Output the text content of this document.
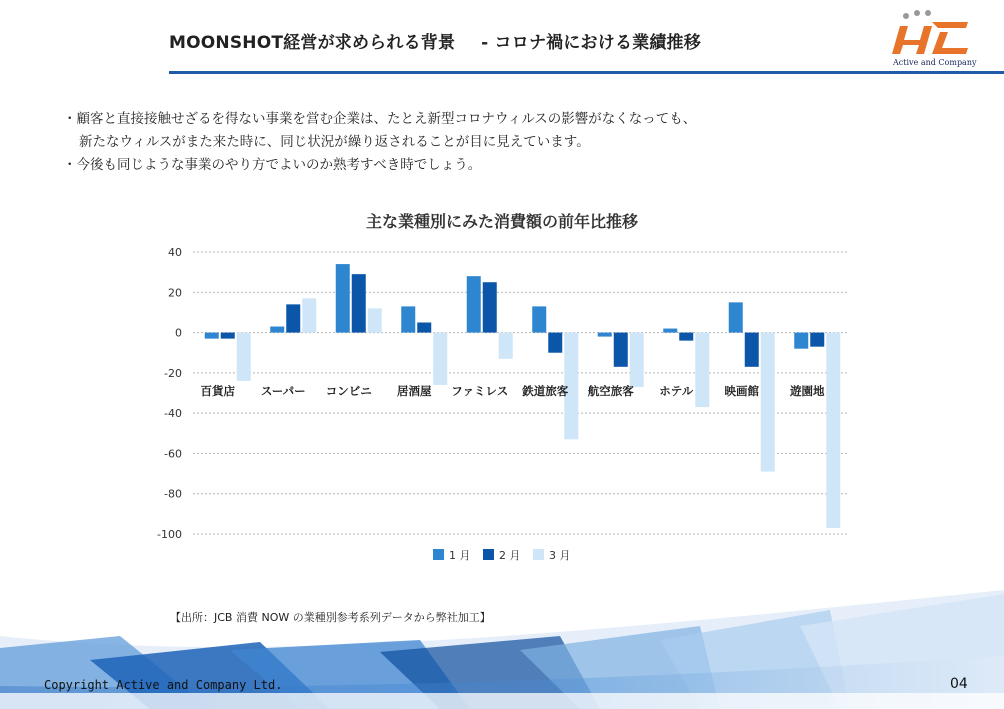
MOONSHOT経営が求められる背景 - コロナ禍における業績推移
Active and Company
・顧客と直接接触せざるを得ない事業を営む企業は、たとえ新型コロナウィルスの影響がなくなっても、
新たなウィルスがまた来た時に、同じ状況が繰り返されることが目に見えています。
・今後も同じような事業のやり方でよいのか熟考すべき時でしょう。
主な業種別にみた消費額の前年比推移
40
20
0
-20
-40
-60
-80
-100
百貨店 スーパー コンビニ 居酒屋 ファミレス 鉄道旅客 航空旅客 ホテル	映画館	遊園地
1 月	2 月	3 月
【出所：JCB 消費 NOW の業種別参考系列データから弊社加工】
Copyright Active and Company Ltd.	04
